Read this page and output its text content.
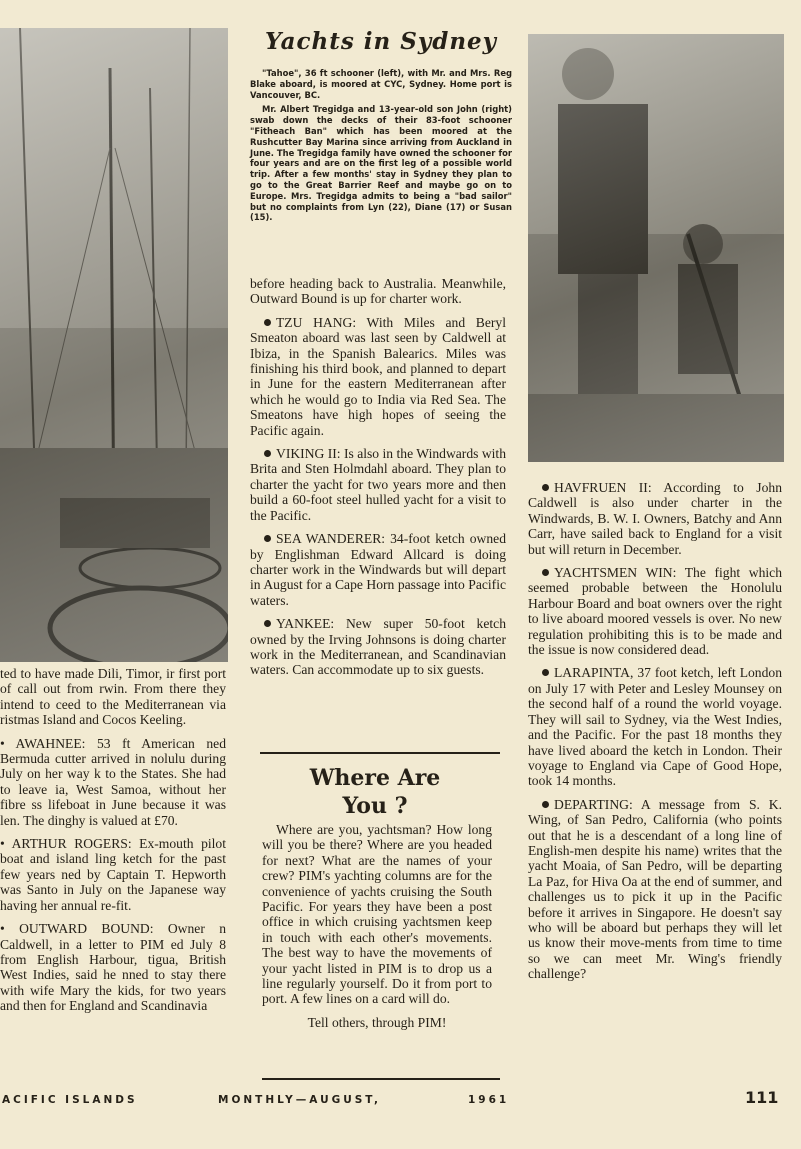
Yachts in Sydney

"Tahoe", 36 ft schooner (left), with Mr. and Mrs. Reg Blake aboard, is moored at CYC, Sydney. Home port is Vancouver, BC.

Mr. Albert Tregidga and 13-year-old son John (right) swab down the decks of their 83-foot schooner "Fitheach Ban" which has been moored at the Rushcutter Bay Marina since arriving from Auckland in June. The Tregidga family have owned the schooner for four years and are on the first leg of a possible world trip. After a few months' stay in Sydney they plan to go to the Great Barrier Reef and maybe go on to Europe. Mrs. Tregidga admits to being a "bad sailor" but no complaints from Lyn (22), Diane (17) or Susan (15).

ted to have made Dili, Timor, ir first port of call out from rwin. From there they intend to ceed to the Mediterranean via ristmas Island and Cocos Keeling.

• AWAHNEE: 53 ft American ned Bermuda cutter arrived in nolulu during July on her way k to the States. She had to leave ia, West Samoa, without her fibre ss lifeboat in June because it was len. The dinghy is valued at £70.

• ARTHUR ROGERS: Ex-mouth pilot boat and island ling ketch for the past few years ned by Captain T. Hepworth was Santo in July on the Japanese way having her annual re-fit.

• OUTWARD BOUND: Owner n Caldwell, in a letter to PIM ed July 8 from English Harbour, tigua, British West Indies, said he nned to stay there with wife Mary the kids, for two years and then for England and Scandinavia

before heading back to Australia. Meanwhile, Outward Bound is up for charter work.

TZU HANG: With Miles and Beryl Smeaton aboard was last seen by Caldwell at Ibiza, in the Spanish Balearics. Miles was finishing his third book, and planned to depart in June for the eastern Mediterranean after which he would go to India via Red Sea. The Smeatons have high hopes of seeing the Pacific again.

VIKING II: Is also in the Windwards with Brita and Sten Holmdahl aboard. They plan to charter the yacht for two years more and then build a 60-foot steel hulled yacht for a visit to the Pacific.

SEA WANDERER: 34-foot ketch owned by Englishman Edward Allcard is doing charter work in the Windwards but will depart in August for a Cape Horn passage into Pacific waters.

YANKEE: New super 50-foot ketch owned by the Irving Johnsons is doing charter work in the Mediterranean, and Scandinavian waters. Can accommodate up to six guests.

Where Are
You ?

Where are you, yachtsman? How long will you be there? Where are you headed for next? What are the names of your crew? PIM's yachting columns are for the convenience of yachts cruising the South Pacific. For years they have been a post office in which cruising yachtsmen keep in touch with each other's movements. The best way to have the movements of your yacht listed in PIM is to drop us a line regularly yourself. Do it from port to port. A few lines on a card will do.

Tell others, through PIM!

HAVFRUEN II: According to John Caldwell is also under charter in the Windwards, B. W. I. Owners, Batchy and Ann Carr, have sailed back to England for a visit but will return in December.

YACHTSMEN WIN: The fight which seemed probable between the Honolulu Harbour Board and boat owners over the right to live aboard moored vessels is over. No new regulation prohibiting this is to be made and the issue is now considered dead.

LARAPINTA, 37 foot ketch, left London on July 17 with Peter and Lesley Mounsey on the second half of a round the world voyage. They will sail to Sydney, via the West Indies, and the Pacific. For the past 18 months they have lived aboard the ketch in London. Their voyage to England via Cape of Good Hope, took 14 months.

DEPARTING: A message from S. K. Wing, of San Pedro, California (who points out that he is a descendant of a long line of English-men despite his name) writes that the yacht Moaia, of San Pedro, will be departing La Paz, for Hiva Oa at the end of summer, and challenges us to pick it up in the Pacific before it arrives in Singapore. He doesn't say who will be aboard but perhaps they will let us know their move-ments from time to time so we can meet Mr. Wing's friendly challenge?

ACIFIC ISLANDS	MONTHLY—AUGUST,	1961	111
